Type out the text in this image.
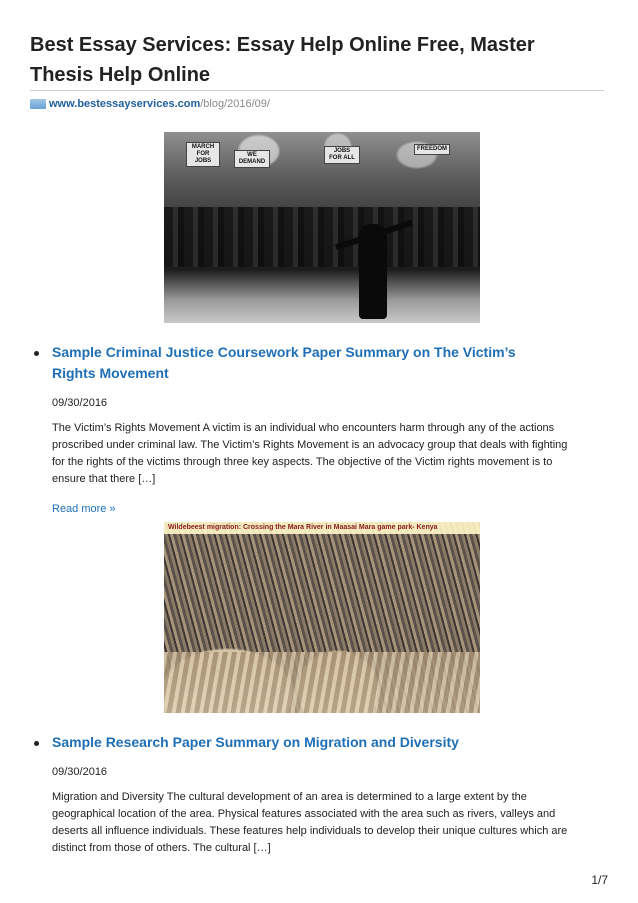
Best Essay Services: Essay Help Online Free, Master Thesis Help Online
www.bestessayservices.com /blog/2016/09/
MARCH FOR JOBS
WE DEMAND
JOBS FOR ALL
FREEDOM
Sample Criminal Justice Coursework Paper Summary on The Victim’s Rights Movement
09/30/2016

The Victim’s Rights Movement A victim is an individual who encounters harm through any of the actions proscribed under criminal law. The Victim’s Rights Movement is an advocacy group that deals with fighting for the rights of the victims through three key aspects. The objective of the Victim rights movement is to ensure that there […]

Read more »
Wildebeest migration: Crossing the Mara River in Maasai Mara game park- Kenya
Sample Research Paper Summary on Migration and Diversity
09/30/2016

Migration and Diversity The cultural development of an area is determined to a large extent by the geographical location of the area. Physical features associated with the area such as rivers, valleys and deserts all influence individuals. These features help individuals to develop their unique cultures which are distinct from those of others. The cultural […]

1/7
